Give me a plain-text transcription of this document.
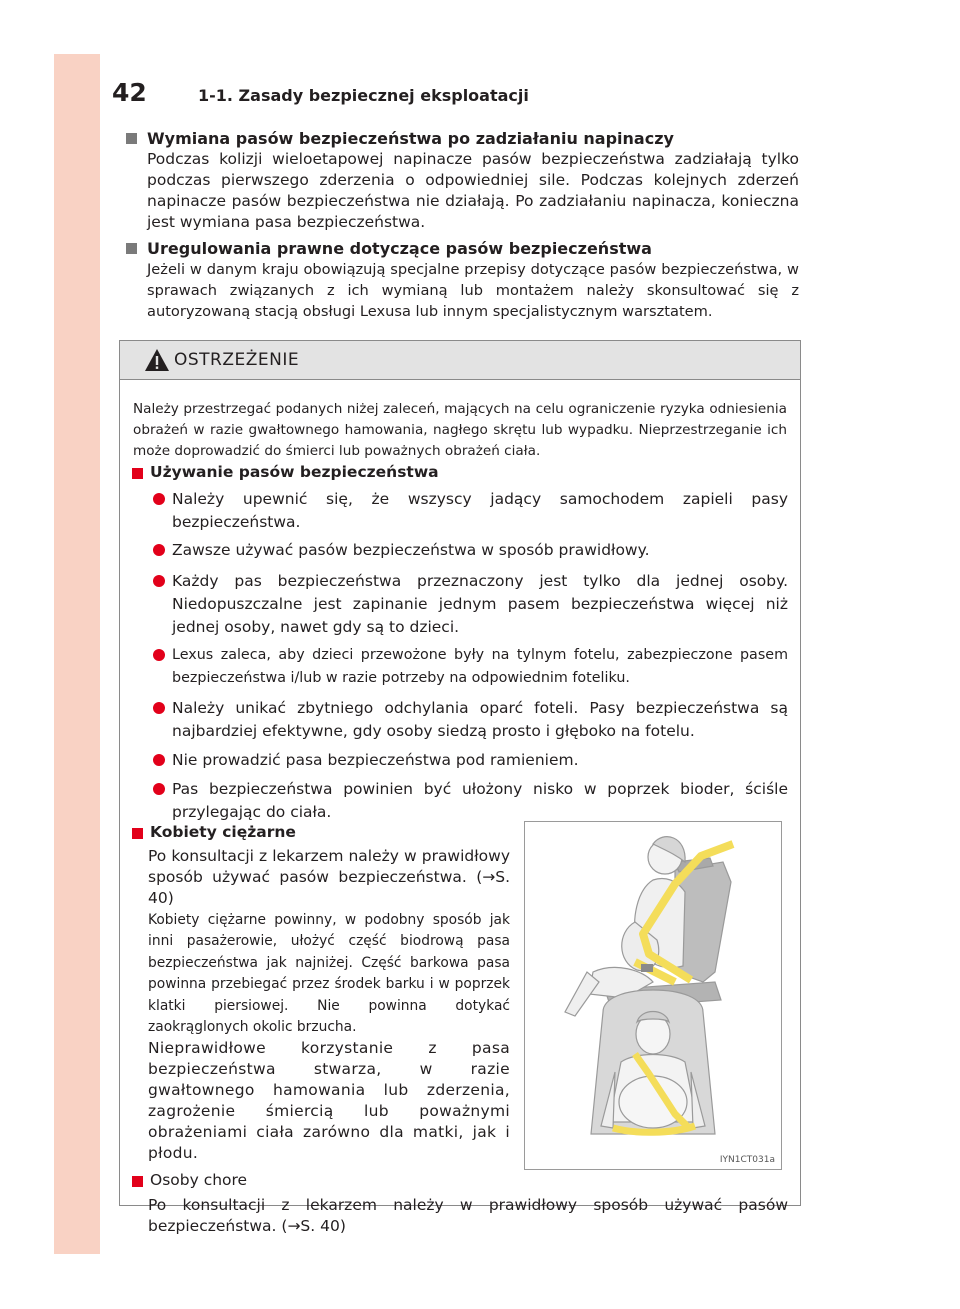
42	1-1. Zasady bezpiecznej eksploatacji
Wymiana pasów bezpieczeństwa po zadziałaniu napinaczy

Podczas kolizji wieloetapowej napinacze pasów bezpieczeństwa zadziałają tylko podczas pierwszego zderzenia o odpowiedniej sile. Podczas kolejnych zderzeń napinacze pasów bezpieczeństwa nie działają. Po zadziałaniu napinacza, konieczna jest wymiana pasa bezpieczeństwa.

Uregulowania prawne dotyczące pasów bezpieczeństwa

Jeżeli w danym kraju obowiązują specjalne przepisy dotyczące pasów bezpieczeństwa, w sprawach związanych z ich wymianą lub montażem należy skonsultować się z autoryzowaną stacją obsługi Lexusa lub innym specjalistycznym warsztatem.

OSTRZEŻENIE
Należy przestrzegać podanych niżej zaleceń, mających na celu ograniczenie ryzyka odniesienia obrażeń w razie gwałtownego hamowania, nagłego skrętu lub wypadku. Nieprzestrzeganie ich może doprowadzić do śmierci lub poważnych obrażeń ciała.
Używanie pasów bezpieczeństwa
Należy upewnić się, że wszyscy jadący samochodem zapieli pasy bezpieczeństwa.
Zawsze używać pasów bezpieczeństwa w sposób prawidłowy.
Każdy pas bezpieczeństwa przeznaczony jest tylko dla jednej osoby. Niedopuszczalne jest zapinanie jednym pasem bezpieczeństwa więcej niż jednej osoby, nawet gdy są to dzieci.
Lexus zaleca, aby dzieci przewożone były na tylnym fotelu, zabezpieczone pasem bezpieczeństwa i/lub w razie potrzeby na odpowiednim foteliku.
Należy unikać zbytniego odchylania oparć foteli. Pasy bezpieczeństwa są najbardziej efektywne, gdy osoby siedzą prosto i głęboko na fotelu.
Nie prowadzić pasa bezpieczeństwa pod ramieniem.
Pas bezpieczeństwa powinien być ułożony nisko w poprzek bioder, ściśle przylegając do ciała.
Kobiety ciężarne
Po konsultacji z lekarzem należy w prawidłowy sposób używać pasów bezpieczeństwa. (→S. 40)
Kobiety ciężarne powinny, w podobny sposób jak inni pasażerowie, ułożyć część biodrową pasa bezpieczeństwa jak najniżej. Część barkowa pasa powinna przebiegać przez środek barku i w poprzek klatki piersiowej. Nie powinna dotykać zaokrąglonych okolic brzucha.
Nieprawidłowe korzystanie z pasa bezpieczeństwa stwarza, w razie gwałtownego hamowania lub zderzenia, zagrożenie śmiercią lub poważnymi obrażeniami ciała zarówno dla matki, jak i płodu.	IYN1CT031a
Osoby chore
Po konsultacji z lekarzem należy w prawidłowy sposób używać pasów bezpieczeństwa. (→S. 40)
